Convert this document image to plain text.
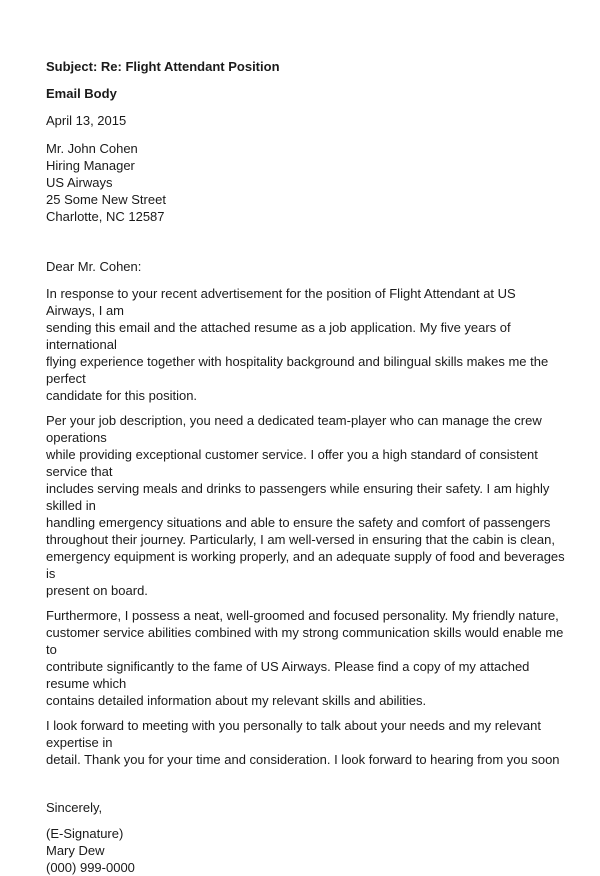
Subject: Re: Flight Attendant Position
Email Body
April 13, 2015
Mr. John Cohen
Hiring Manager
US Airways
25 Some New Street
Charlotte, NC 12587
Dear Mr. Cohen:

In response to your recent advertisement for the position of Flight Attendant at US Airways, I am
sending this email and the attached resume as a job application. My five years of international
flying experience together with hospitality background and bilingual skills makes me the perfect
candidate for this position.

Per your job description, you need a dedicated team-player who can manage the crew operations
while providing exceptional customer service. I offer you a high standard of consistent service that
includes serving meals and drinks to passengers while ensuring their safety. I am highly skilled in
handling emergency situations and able to ensure the safety and comfort of passengers
throughout their journey. Particularly, I am well-versed in ensuring that the cabin is clean,
emergency equipment is working properly, and an adequate supply of food and beverages is
present on board.

Furthermore, I possess a neat, well-groomed and focused personality. My friendly nature,
customer service abilities combined with my strong communication skills would enable me to
contribute significantly to the fame of US Airways. Please find a copy of my attached resume which
contains detailed information about my relevant skills and abilities.

I look forward to meeting with you personally to talk about your needs and my relevant expertise in
detail. Thank you for your time and consideration. I look forward to hearing from you soon

Sincerely,
(E-Signature)
Mary Dew
(000) 999-0000
